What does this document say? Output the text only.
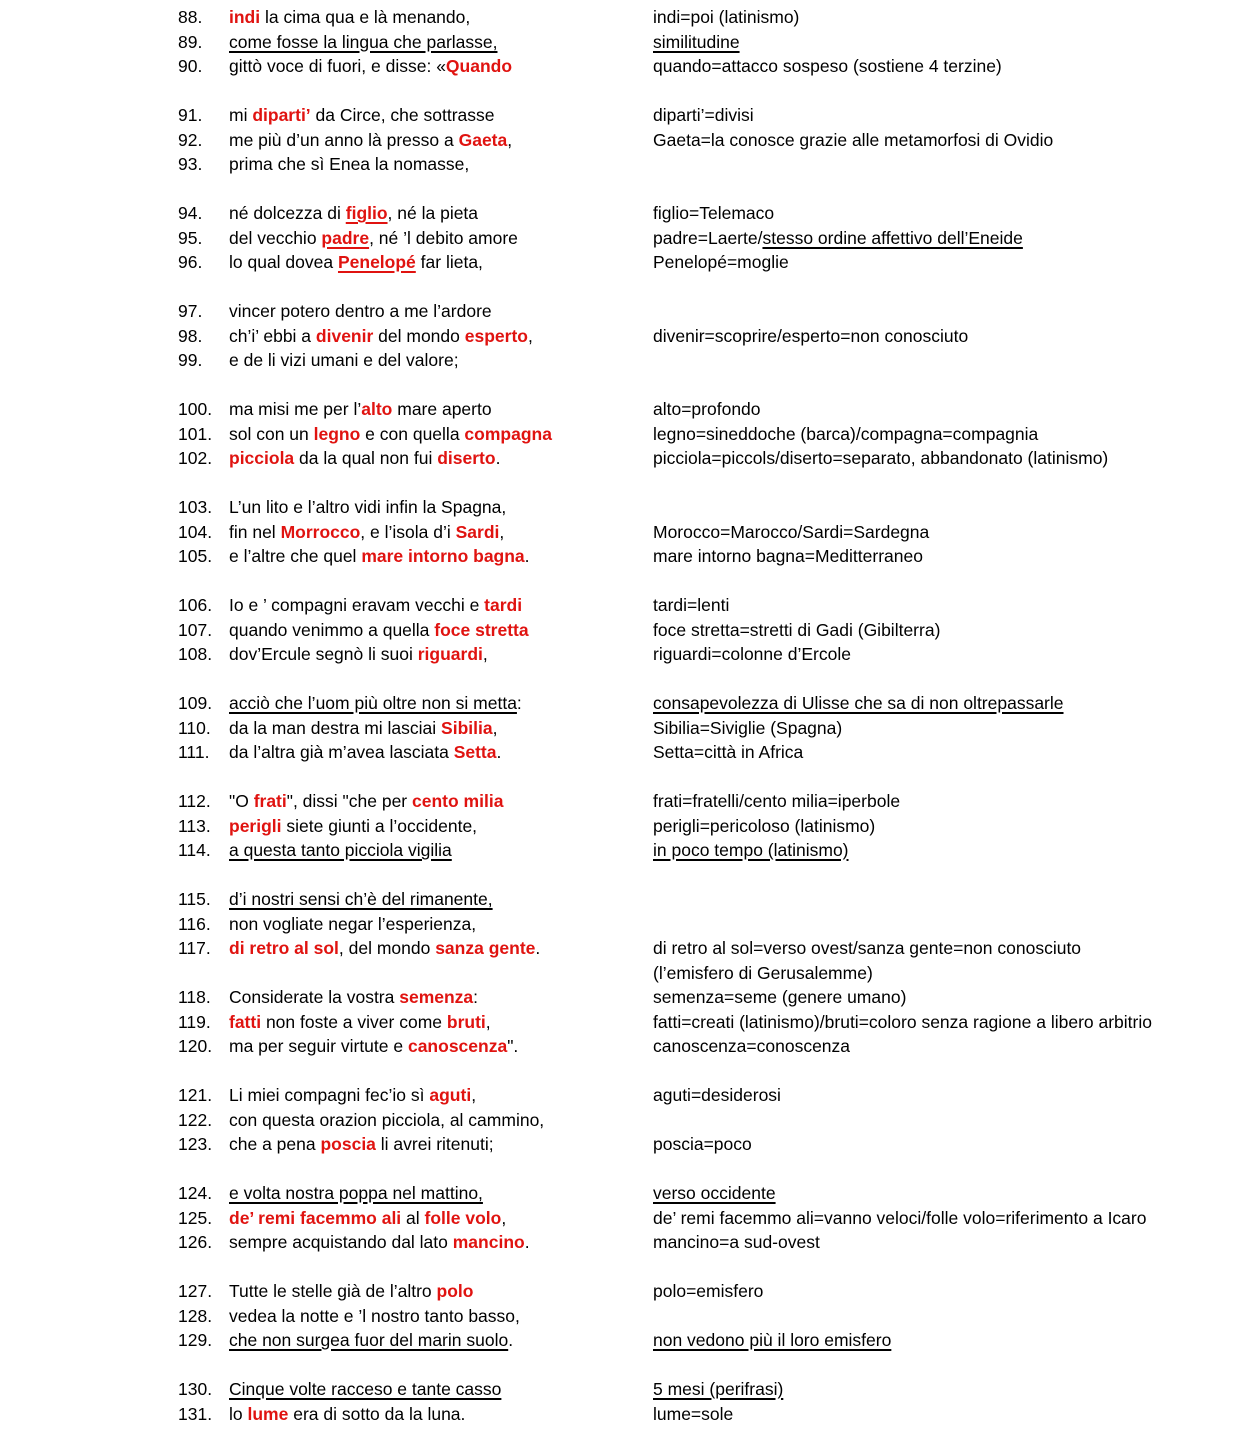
88.	indi la cima qua e là menando,	indi=poi (latinismo)
89.	come fosse la lingua che parlasse,	similitudine
90.	gittò voce di fuori, e disse: «Quando	quando=attacco sospeso (sostiene 4 terzine)
91.	mi diparti’ da Circe, che sottrasse	diparti’=divisi
92.	me più d’un anno là presso a Gaeta,	Gaeta=la conosce grazie alle metamorfosi di Ovidio
93.	prima che sì Enea la nomasse,
94.	né dolcezza di figlio, né la pieta	figlio=Telemaco
95.	del vecchio padre, né ’l debito amore	padre=Laerte/stesso ordine affettivo dell’Eneide
96.	lo qual dovea Penelopé far lieta,	Penelopé=moglie
97.	vincer potero dentro a me l’ardore
98.	ch’i’ ebbi a divenir del mondo esperto,	divenir=scoprire/esperto=non conosciuto
99.	e de li vizi umani e del valore;
100. ma misi me per l’alto mare aperto	alto=profondo
101. sol con un legno e con quella compagna	legno=sineddoche (barca)/compagna=compagnia
102. picciola da la qual non fui diserto.	picciola=piccols/diserto=separato, abbandonato (latinismo)
103. L’un lito e l’altro vidi infin la Spagna,
104. fin nel Morrocco, e l’isola d’i Sardi,	Morocco=Marocco/Sardi=Sardegna
105. e l’altre che quel mare intorno bagna.	mare intorno bagna=Meditterraneo
106. Io e ’ compagni eravam vecchi e tardi	tardi=lenti
107. quando venimmo a quella foce stretta	foce stretta=stretti di Gadi (Gibilterra)
108. dov’Ercule segnò li suoi riguardi,	riguardi=colonne d’Ercole
109. acciò che l’uom più oltre non si metta:	consapevolezza di Ulisse che sa di non oltrepassarle
110.	da la man destra mi lasciai Sibilia,	Sibilia=Siviglie (Spagna)
111.	da l’altra già m’avea lasciata Setta.	Setta=città in Africa
112.	"O frati", dissi "che per cento milia	frati=fratelli/cento milia=iperbole
113.	perigli siete giunti a l’occidente,	perigli=pericoloso (latinismo)
114.	a questa tanto picciola vigilia	in poco tempo (latinismo)
115.	d’i nostri sensi ch’è del rimanente,
116.	non vogliate negar l’esperienza,
117.	di retro al sol, del mondo sanza gente.	di retro al sol=verso ovest/sanza gente=non conosciuto
(l’emisfero di Gerusalemme)
118.	Considerate la vostra semenza:	semenza=seme (genere umano)
119.	fatti non foste a viver come bruti,	fatti=creati (latinismo)/bruti=coloro senza ragione a libero arbitrio
120. ma per seguir virtute e canoscenza".	canoscenza=conoscenza
121. Li miei compagni fec’io sì aguti,	aguti=desiderosi
122. con questa orazion picciola, al cammino,
123. che a pena poscia li avrei ritenuti;	poscia=poco
124. e volta nostra poppa nel mattino,	verso occidente
125. de’ remi facemmo ali al folle volo,	de’ remi facemmo ali=vanno veloci/folle volo=riferimento a Icaro
126. sempre acquistando dal lato mancino.	mancino=a sud-ovest
127. Tutte le stelle già de l’altro polo	polo=emisfero
128. vedea la notte e ’l nostro tanto basso,
129. che non surgea fuor del marin suolo.	non vedono più il loro emisfero
130. Cinque volte racceso e tante casso	5 mesi (perifrasi)
131. lo lume era di sotto da la luna.	lume=sole
